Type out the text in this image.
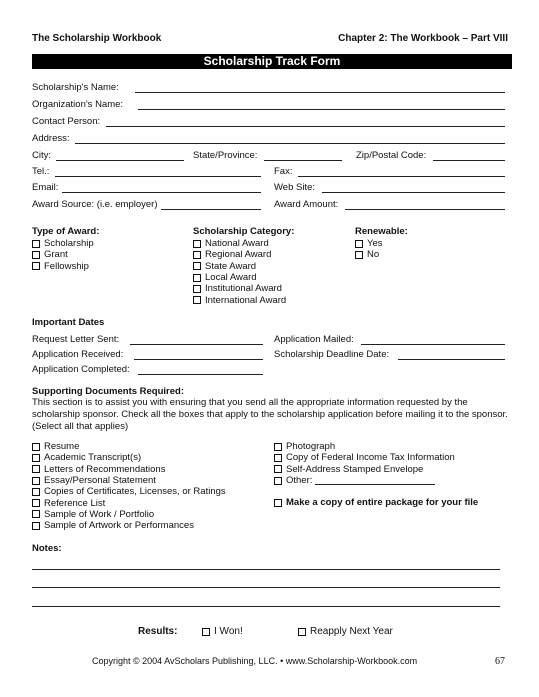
The Scholarship Workbook	Chapter 2: The Workbook – Part VIII
Scholarship Track Form
Scholarship's Name:
Organization's Name:
Contact Person:
Address:
City:	State/Province:	Zip/Postal Code:
Tel.:	Fax:
Email:	Web Site:
Award Source: (i.e. employer)	Award Amount:
Type of Award:
Scholarship
Grant
Fellowship
Scholarship Category:
National Award
Regional Award
State Award
Local Award
Institutional Award
International Award
Renewable:
Yes
No
Important Dates
Request Letter Sent:	Application Mailed:
Application Received:	Scholarship Deadline Date:
Application Completed:
Supporting Documents Required:
This section is to assist you with ensuring that you send all the appropriate information requested by the scholarship sponsor. Check all the boxes that apply to the scholarship application before mailing it to the sponsor. (Select all that applies)
Resume
Academic Transcript(s)
Letters of Recommendations
Essay/Personal Statement
Copies of Certificates, Licenses, or Ratings
Reference List
Sample of Work / Portfolio
Sample of Artwork or Performances
Photograph
Copy of Federal Income Tax Information
Self-Address Stamped Envelope
Other:
Make a copy of entire package for your file
Notes:
Results:	I Won!	Reapply Next Year
Copyright © 2004 AvScholars Publishing, LLC. • www.Scholarship-Workbook.com	67
